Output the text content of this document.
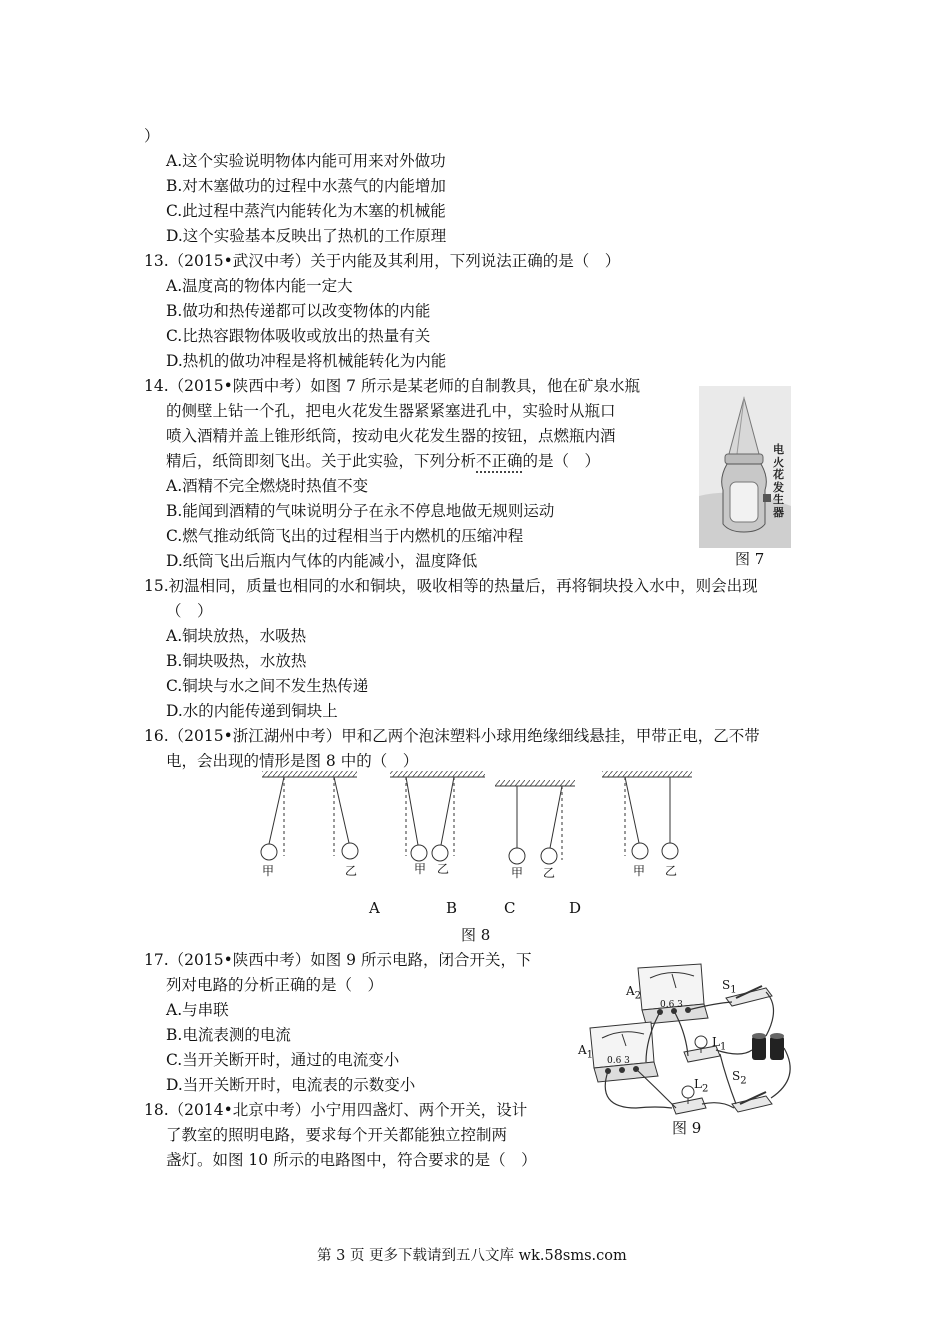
）
A.这个实验说明物体内能可用来对外做功
B.对木塞做功的过程中水蒸气的内能增加
C.此过程中蒸汽内能转化为木塞的机械能
D.这个实验基本反映出了热机的工作原理
13.（2015•武汉中考）关于内能及其利用，下列说法正确的是（　）
A.温度高的物体内能一定大
B.做功和热传递都可以改变物体的内能
C.比热容跟物体吸收或放出的热量有关
D.热机的做功冲程是将机械能转化为内能
14.（2015•陕西中考）如图 7 所示是某老师的自制教具，他在矿泉水瓶
的侧壁上钻一个孔，把电火花发生器紧紧塞进孔中，实验时从瓶口
喷入酒精并盖上锥形纸筒，按动电火花发生器的按钮，点燃瓶内酒
精后，纸筒即刻飞出。关于此实验，下列分析不正确的是（　）
A.酒精不完全燃烧时热值不变
B.能闻到酒精的气味说明分子在永不停息地做无规则运动
C.燃气推动纸筒飞出的过程相当于内燃机的压缩冲程
D.纸筒飞出后瓶内气体的内能减小，温度降低
电火花发生器
图 7
15.初温相同，质量也相同的水和铜块，吸收相等的热量后，再将铜块投入水中，则会出现
（　）
A.铜块放热，水吸热
B.铜块吸热，水放热
C.铜块与水之间不发生热传递
D.水的内能传递到铜块上
16.（2015•浙江湖州中考）甲和乙两个泡沫塑料小球用绝缘细线悬挂，甲带正电，乙不带
电，会出现的情形是图 8 中的（　）
甲	乙	甲 乙	甲 乙	甲 乙
A	B	C	D
图 8
17.（2015•陕西中考）如图 9 所示电路，闭合开关，下
列对电路的分析正确的是（　）
A.与串联
B.电流表测的电流
C.当开关断开时，通过的电流变小
D.当开关断开时，电流表的示数变小
$A_2$
$A_1$
$S_1$
$L_1$
$S_2$
$L_2$
0.6 3
0.6 3
图 9
18.（2014•北京中考）小宁用四盏灯、两个开关，设计
了教室的照明电路，要求每个开关都能独立控制两
盏灯。如图 10 所示的电路图中，符合要求的是（　）
第 3 页 更多下载请到五八文库 wk.58sms.com
